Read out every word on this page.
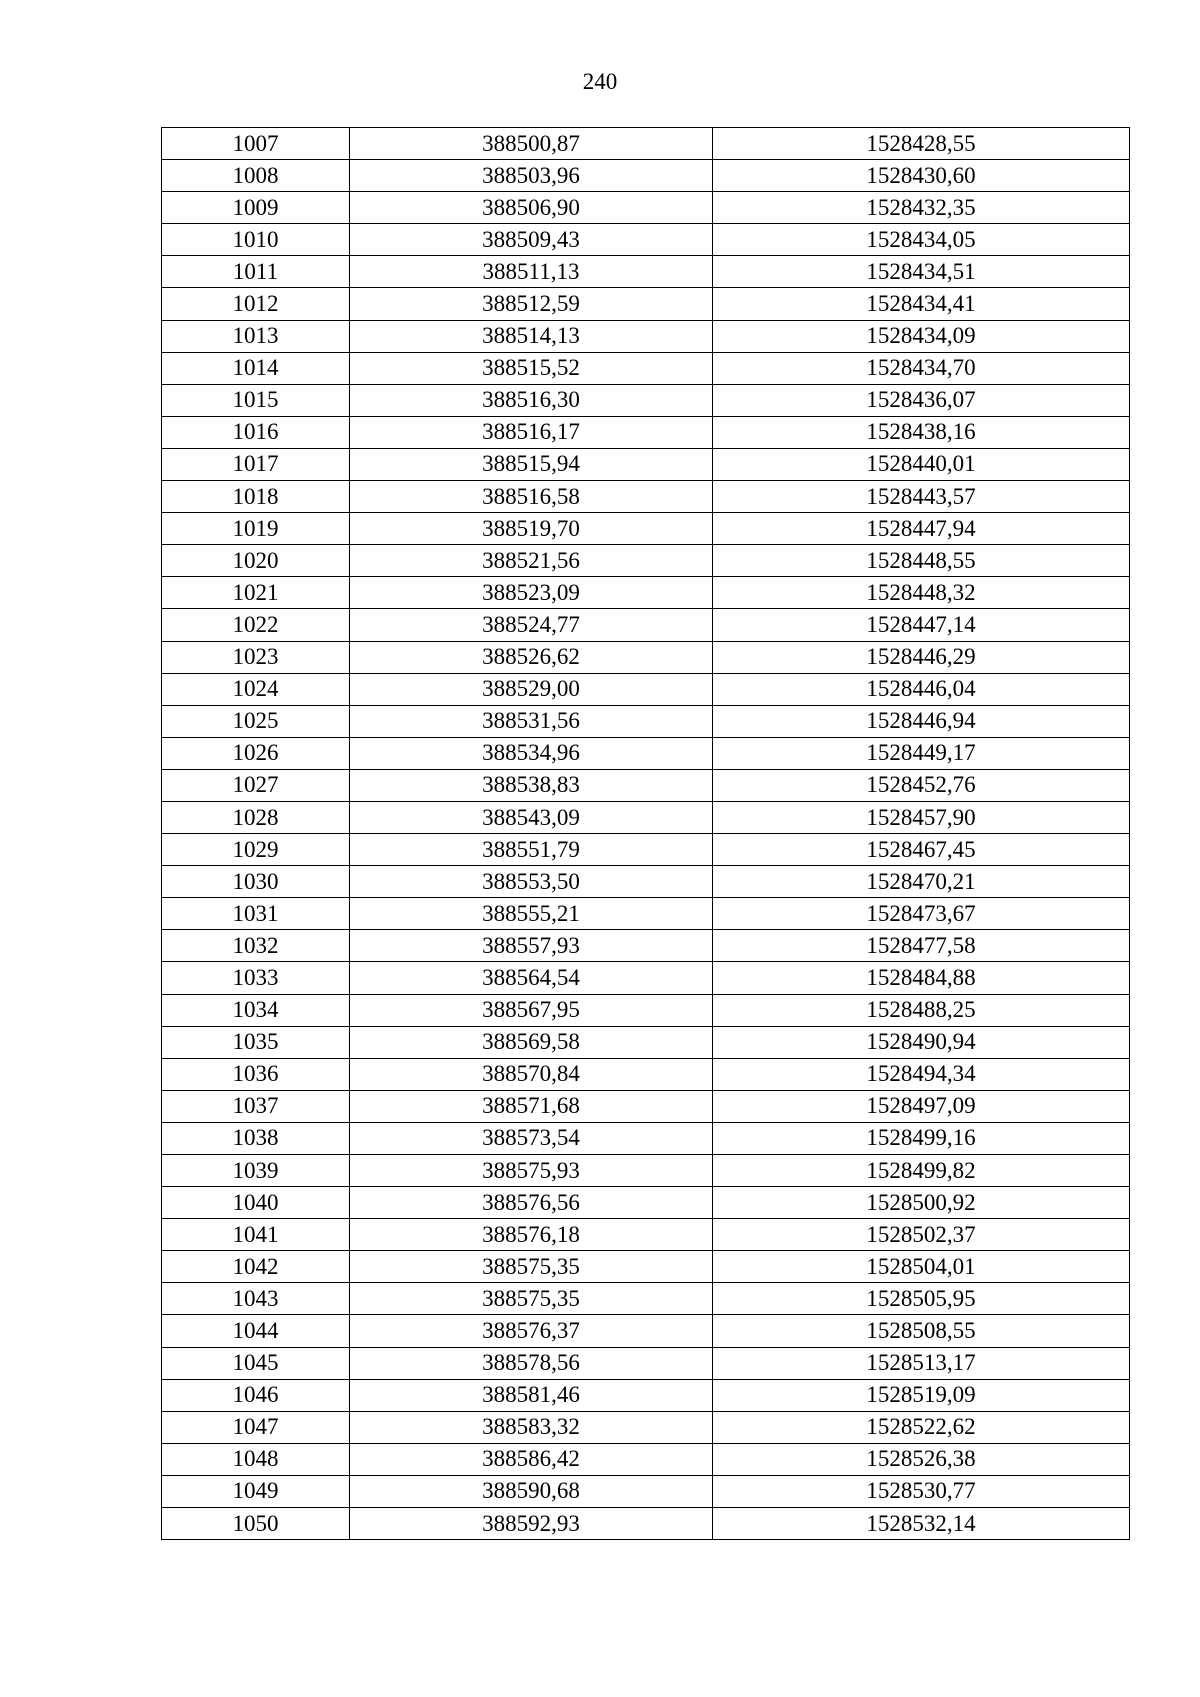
240
1007	388500,87	1528428,55
1008	388503,96	1528430,60
1009	388506,90	1528432,35
1010	388509,43	1528434,05
1011	388511,13	1528434,51
1012	388512,59	1528434,41
1013	388514,13	1528434,09
1014	388515,52	1528434,70
1015	388516,30	1528436,07
1016	388516,17	1528438,16
1017	388515,94	1528440,01
1018	388516,58	1528443,57
1019	388519,70	1528447,94
1020	388521,56	1528448,55
1021	388523,09	1528448,32
1022	388524,77	1528447,14
1023	388526,62	1528446,29
1024	388529,00	1528446,04
1025	388531,56	1528446,94
1026	388534,96	1528449,17
1027	388538,83	1528452,76
1028	388543,09	1528457,90
1029	388551,79	1528467,45
1030	388553,50	1528470,21
1031	388555,21	1528473,67
1032	388557,93	1528477,58
1033	388564,54	1528484,88
1034	388567,95	1528488,25
1035	388569,58	1528490,94
1036	388570,84	1528494,34
1037	388571,68	1528497,09
1038	388573,54	1528499,16
1039	388575,93	1528499,82
1040	388576,56	1528500,92
1041	388576,18	1528502,37
1042	388575,35	1528504,01
1043	388575,35	1528505,95
1044	388576,37	1528508,55
1045	388578,56	1528513,17
1046	388581,46	1528519,09
1047	388583,32	1528522,62
1048	388586,42	1528526,38
1049	388590,68	1528530,77
1050	388592,93	1528532,14
